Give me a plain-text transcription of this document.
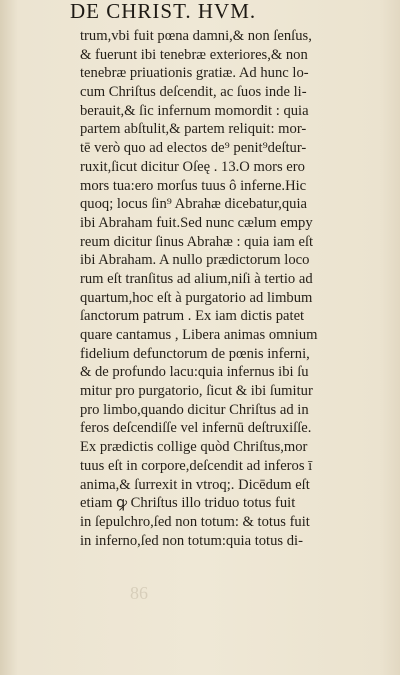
DE CHRIST. HVM.
trum,vbi fuit pœna damni,& non ſenſus,
& fuerunt ibi tenebræ exteriores,& non
tenebræ priuationis gratiæ. Ad hunc lo-
cum Chriſtus deſcendit, ac ſuos inde li-
berauit,& ſic infernum momordit : quia
partem abſtulit,& partem reliquit: mor-
tē verò quo ad electos de⁹ penit⁹deſtur-
ruxit,ſicut dicitur Oſeę . 13.O mors ero
mors tua:ero morſus tuus ô inferne.Hic
quoq; locus ſin⁹ Abrahæ dicebatur,quia
ibi Abraham fuit.Sed nunc cælum empy
reum dicitur ſinus Abrahæ : quia iam eſt
ibi Abraham. A nullo prædictorum loco
rum eſt tranſitus ad alium,niſi à tertio ad
quartum,hoc eſt à purgatorio ad limbum
ſanctorum patrum . Ex iam dictis patet
quare cantamus , Libera animas omnium
fidelium defunctorum de pœnis inferni,
& de profundo lacu:quia infernus ibi ſu
mitur pro purgatorio, ſicut & ibi ſumitur
pro limbo,quando dicitur Chriſtus ad in
feros deſcendiſſe vel infernū deſtruxiſſe.
Ex prædictis collige quòd Chriſtus,mor
tuus eſt in corpore,deſcendit ad inferos ī
anima,& ſurrexit in vtroq;. Dicēdum eſt
etiam ꝙ Chriſtus illo triduo totus fuit
in ſepulchro,ſed non totum: & totus fuit
in inferno,ſed non totum:quia totus di-
86
